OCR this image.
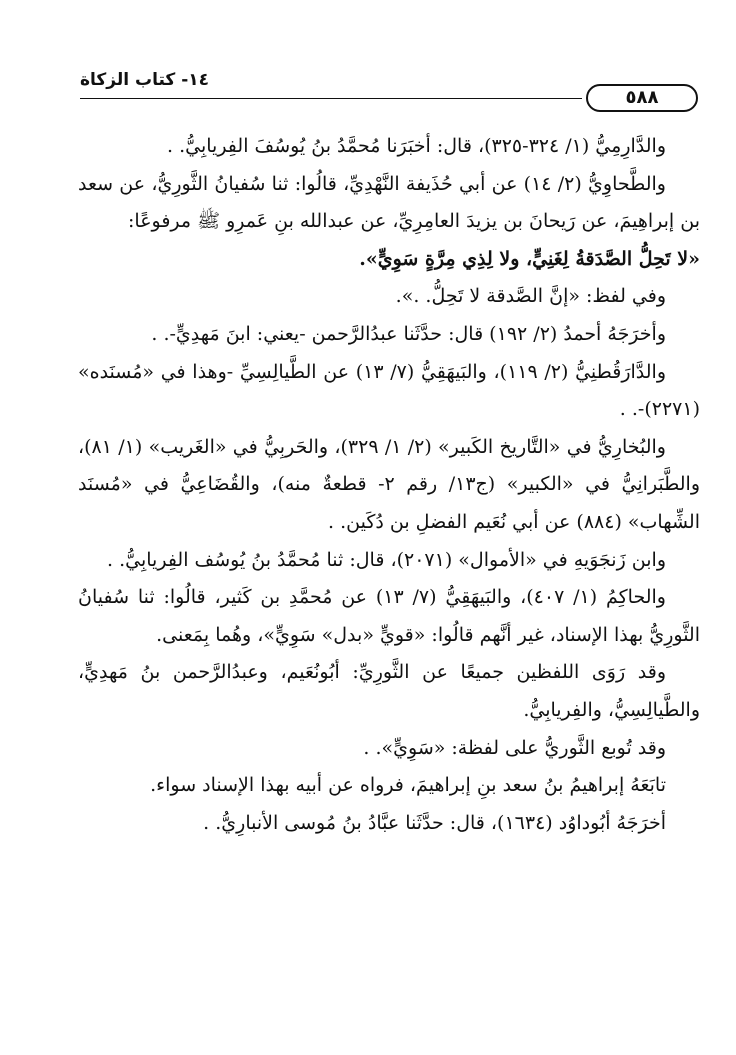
١٤- كتاب الزكاة
٥٨٨

والدَّارِمِيُّ (١/ ٣٢٤-٣٢٥)، قال: أخبَرَنا مُحمَّدُ بنُ يُوسُفَ الفِريابِيُّ. .

والطَّحاوِيُّ (٢/ ١٤) عن أبي حُذَيفة النَّهْدِيِّ، قالُوا: ثنا سُفيانُ الثَّورِيُّ، عن سعد بن إبراهِيمَ، عن رَيحانَ بن يزيدَ العامِرِيِّ، عن عبدالله بنِ عَمرِو ﷺ مرفوعًا:

«لا تَحِلُّ الصَّدَقةُ لِغَنِيٍّ، ولا لِذِي مِرَّةٍ سَوِيٍّ».

وفي لفظ: «إنَّ الصَّدقة لا تَحِلُّ. .».

وأخرَجَهُ أحمدُ (٢/ ١٩٢) قال: حدَّثَنا عبدُالرَّحمن -يعني: ابنَ مَهدِيٍّ-. .

والدَّارَقُطنِيُّ (٢/ ١١٩)، والبَيهَقِيُّ (٧/ ١٣) عن الطَّيالِسِيِّ -وهذا في «مُسنَده» (٢٢٧١)-. .

والبُخارِيُّ في «التَّاريخ الكَبير» (٢/ ١/ ٣٢٩)، والحَربِيُّ في «الغَريب» (١/ ٨١)، والطَّبَرانِيُّ في «الكبير» (ج١٣/ رقم ٢- قطعةٌ منه)، والقُضَاعِيُّ في «مُسنَد الشِّهاب» (٨٨٤) عن أبي نُعَيم الفضلِ بن دُكَين. .

وابن زَنجَوَيهِ في «الأموال» (٢٠٧١)، قال: ثنا مُحمَّدُ بنُ يُوسُف الفِريابِيُّ. .

والحاكِمُ (١/ ٤٠٧)، والبَيهَقِيُّ (٧/ ١٣) عن مُحمَّدِ بن كَثير، قالُوا: ثنا سُفيانُ الثَّورِيُّ بهذا الإسناد، غير أنَّهم قالُوا: «قويٍّ «بدل» سَوِيٍّ»، وهُما بِمَعنى.

وقد رَوَى اللفظين جميعًا عن الثَّورِيِّ: أبُونُعَيم، وعبدُالرَّحمن بنُ مَهدِيٍّ، والطَّيالِسِيُّ، والفِريابِيُّ.

وقد تُوبع الثَّوريُّ على لفظة: «سَوِيٍّ». .

تابَعَهُ إبراهيمُ بنُ سعد بنِ إبراهيمَ، فرواه عن أبيه بهذا الإسناد سواء.

أخرَجَهُ أبُوداوُد (١٦٣٤)، قال: حدَّثَنا عبَّادُ بنُ مُوسى الأنبارِيُّ. .
